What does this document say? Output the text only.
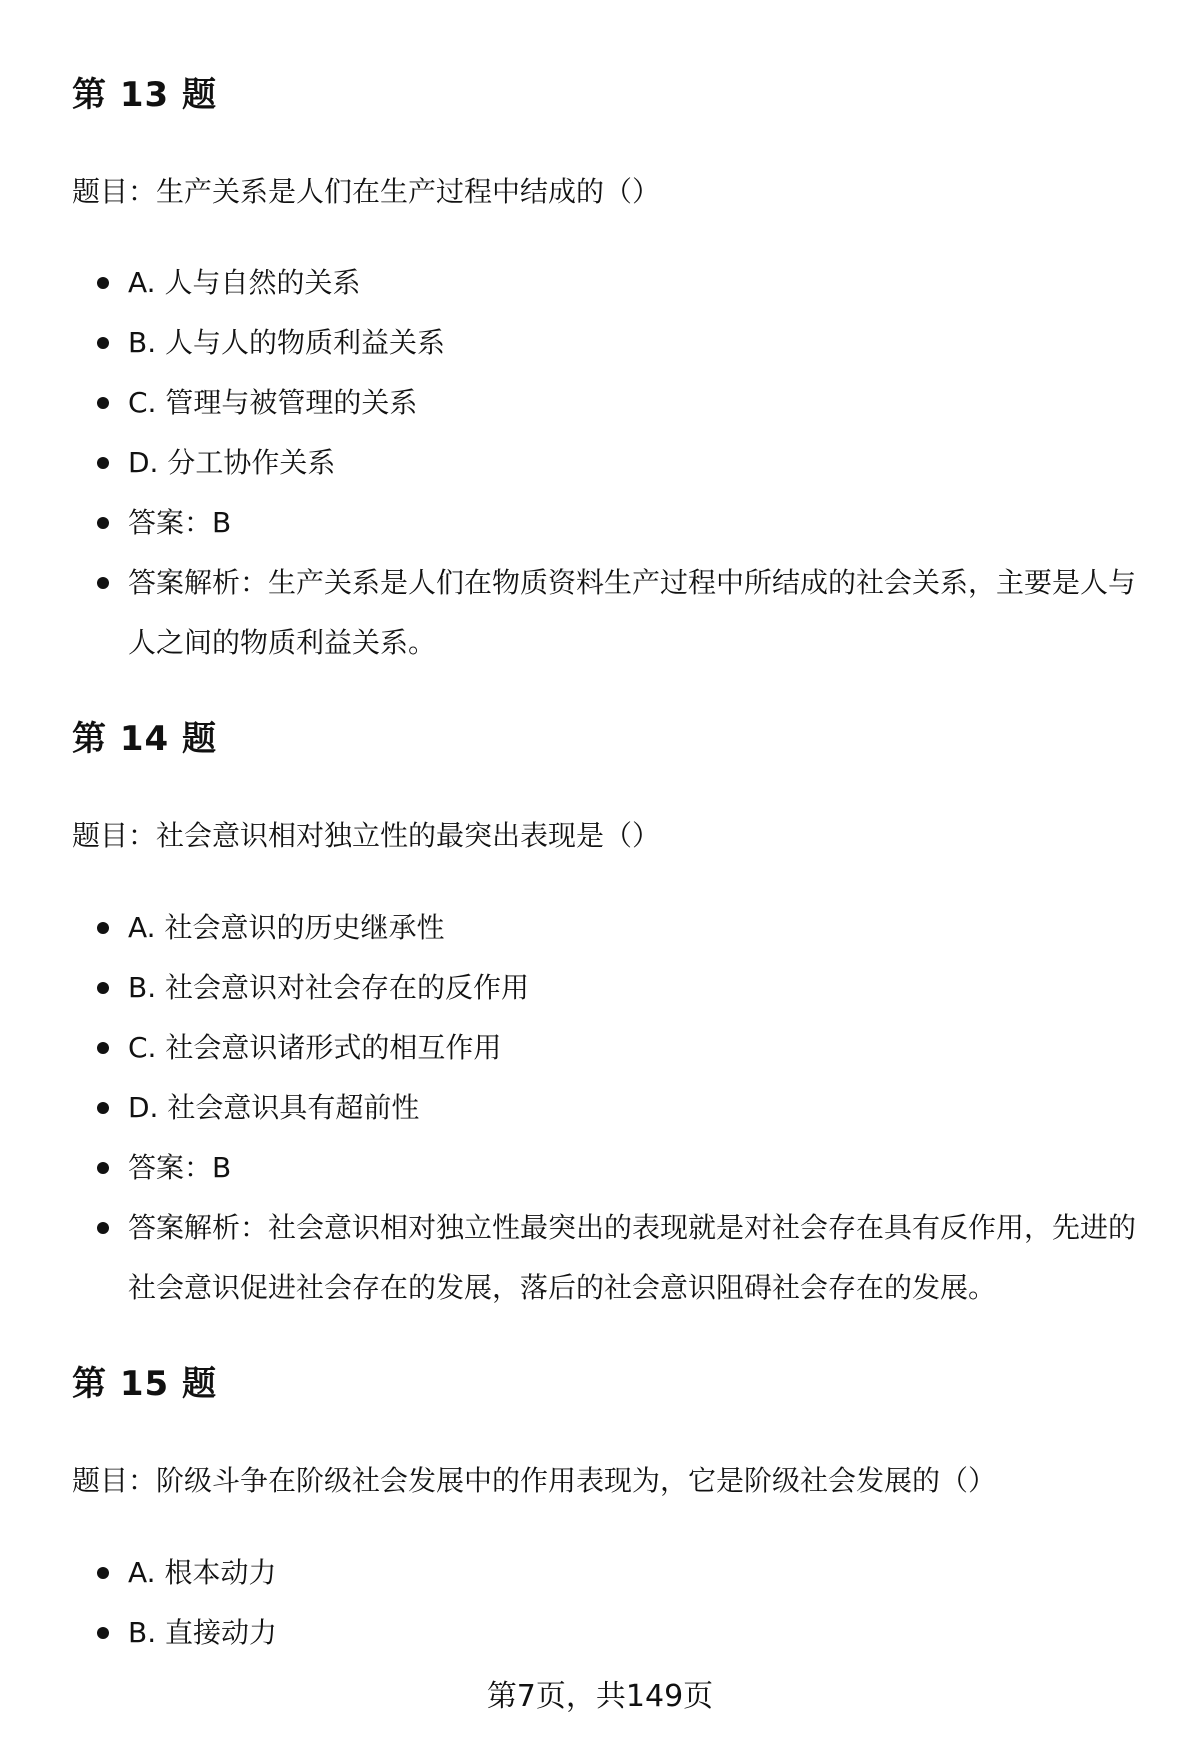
第 13 题

题目：生产关系是人们在生产过程中结成的（）

A. 人与自然的关系
B. 人与人的物质利益关系
C. 管理与被管理的关系
D. 分工协作关系
答案：B
答案解析：生产关系是人们在物质资料生产过程中所结成的社会关系，主要是人与人之间的物质利益关系。
第 14 题

题目：社会意识相对独立性的最突出表现是（）

A. 社会意识的历史继承性
B. 社会意识对社会存在的反作用
C. 社会意识诸形式的相互作用
D. 社会意识具有超前性
答案：B
答案解析：社会意识相对独立性最突出的表现就是对社会存在具有反作用，先进的社会意识促进社会存在的发展，落后的社会意识阻碍社会存在的发展。
第 15 题

题目：阶级斗争在阶级社会发展中的作用表现为，它是阶级社会发展的（）

A. 根本动力
B. 直接动力
第7页，共149页
